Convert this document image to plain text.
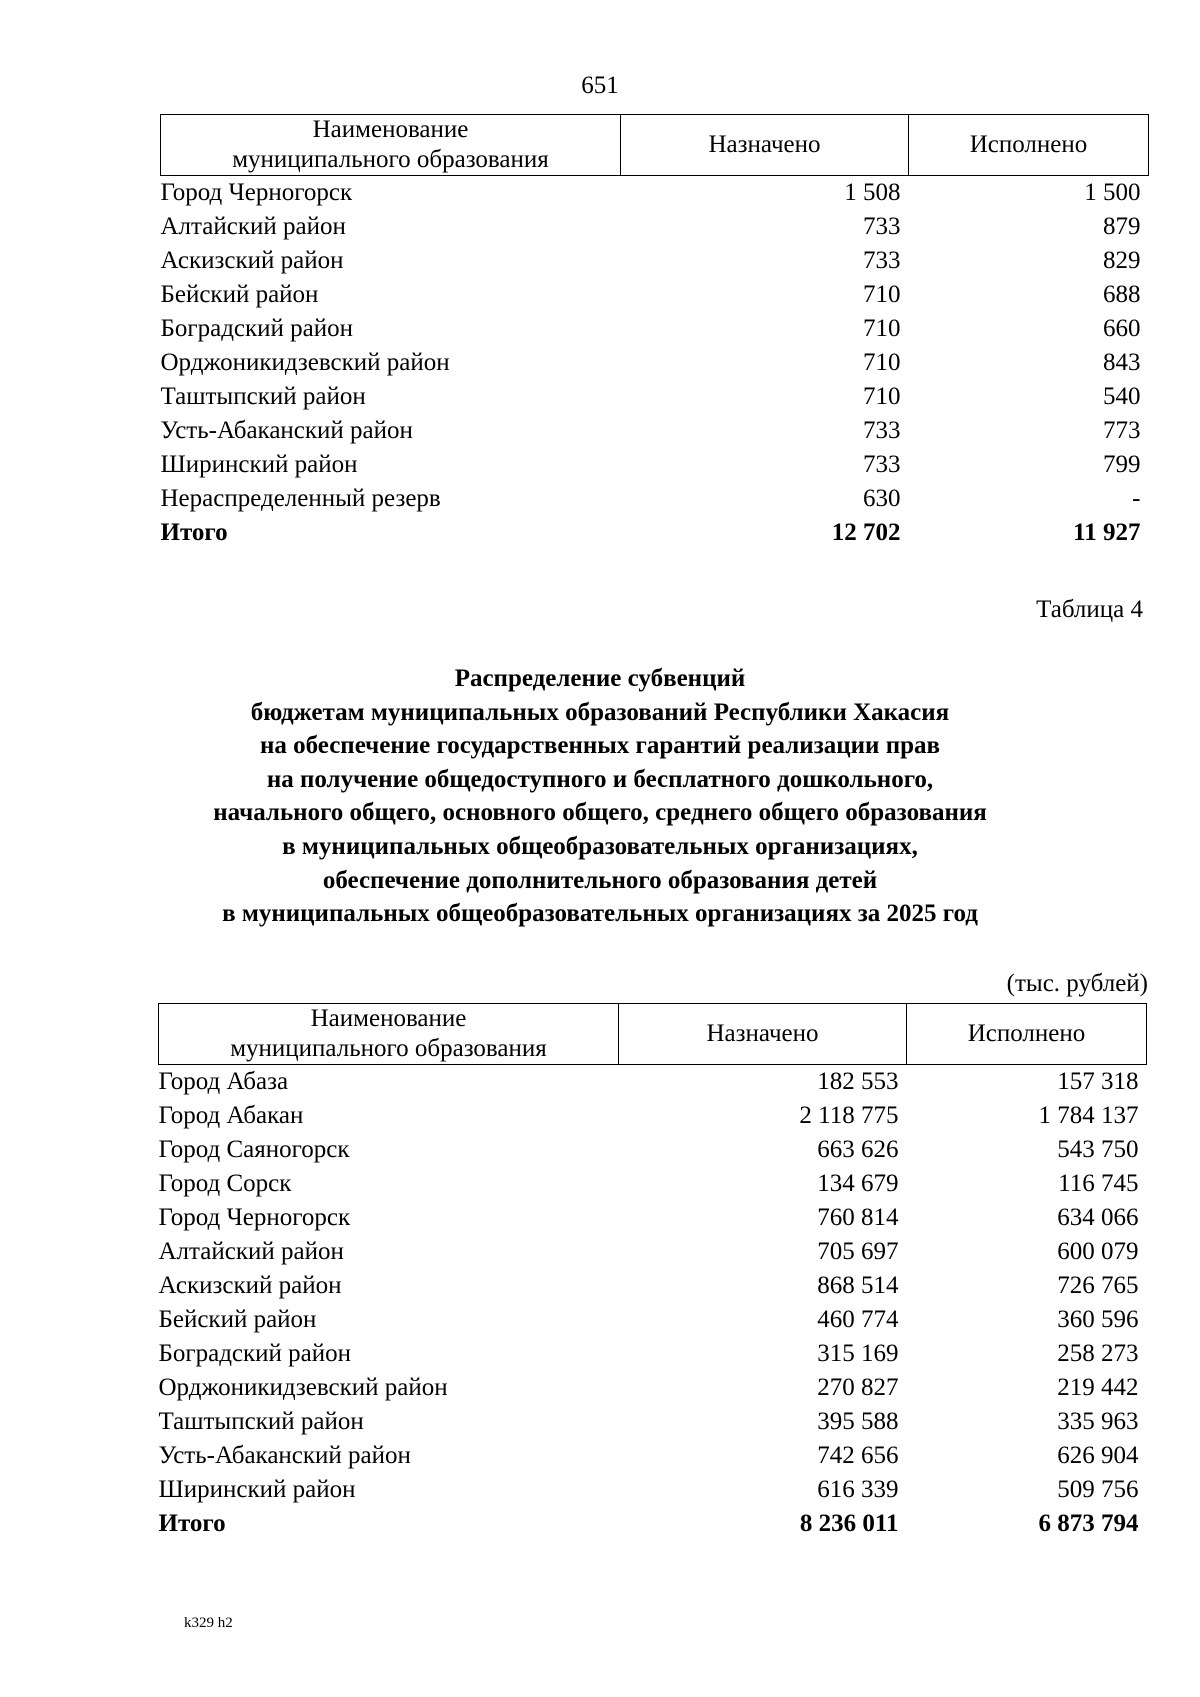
651
Наименование
муниципального образования	Назначено	Исполнено
Город Черногорск	1 508	1 500
Алтайский район	733	879
Аскизский район	733	829
Бейский район	710	688
Боградский район	710	660
Орджоникидзевский район	710	843
Таштыпский район	710	540
Усть-Абаканский район	733	773
Ширинский район	733	799
Нераспределенный резерв	630	-
Итого	12 702	11 927
Таблица 4
Распределение субвенций
бюджетам муниципальных образований Республики Хакасия
на обеспечение государственных гарантий реализации прав
на получение общедоступного и бесплатного дошкольного,
начального общего, основного общего, среднего общего образования
в муниципальных общеобразовательных организациях,
обеспечение дополнительного образования детей
в муниципальных общеобразовательных организациях за 2025 год
(тыс. рублей)
Наименование
муниципального образования	Назначено	Исполнено
Город Абаза	182 553	157 318
Город Абакан	2 118 775	1 784 137
Город Саяногорск	663 626	543 750
Город Сорск	134 679	116 745
Город Черногорск	760 814	634 066
Алтайский район	705 697	600 079
Аскизский район	868 514	726 765
Бейский район	460 774	360 596
Боградский район	315 169	258 273
Орджоникидзевский район	270 827	219 442
Таштыпский район	395 588	335 963
Усть-Абаканский район	742 656	626 904
Ширинский район	616 339	509 756
Итого	8 236 011	6 873 794
k329 h2
